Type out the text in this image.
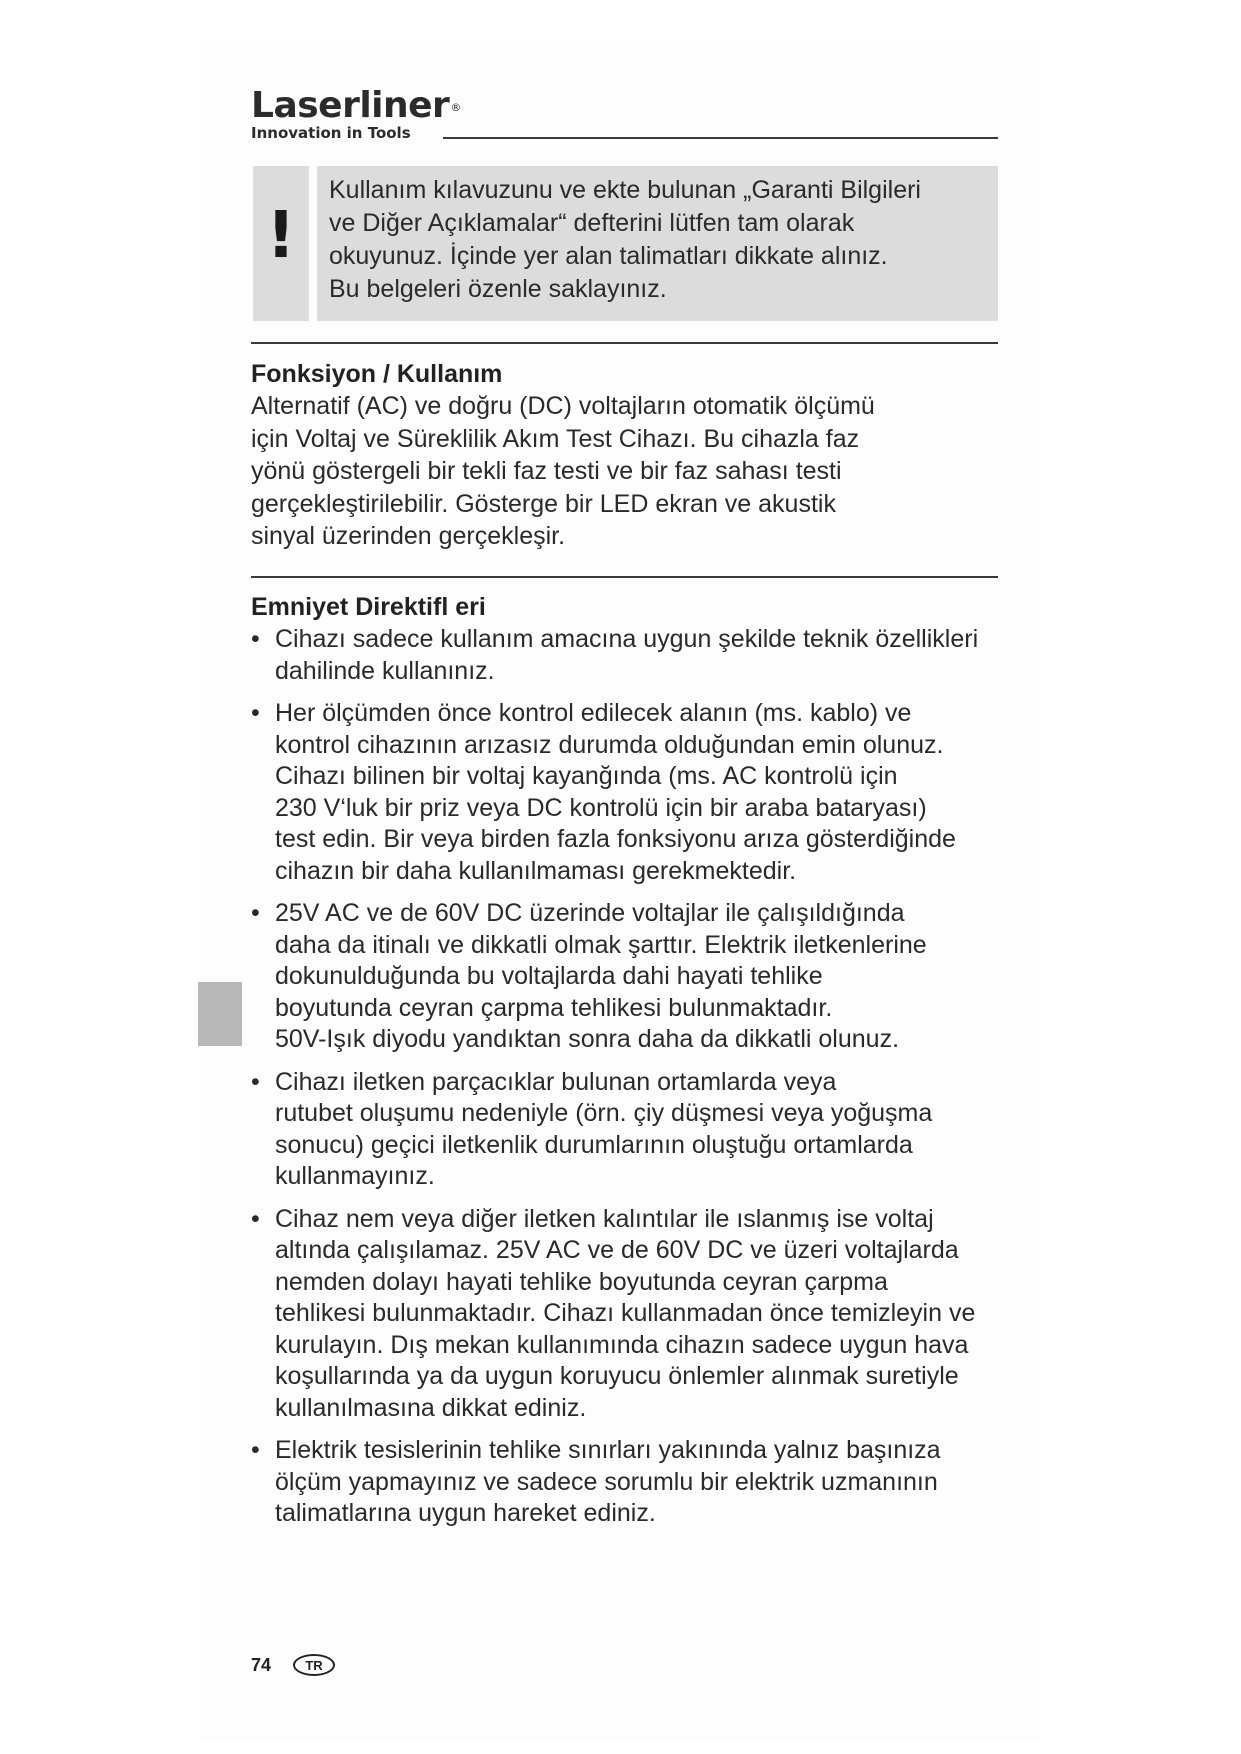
Laserliner®
Innovation in Tools
!
Kullanım kılavuzunu ve ekte bulunan „Garanti Bilgileri
ve Diğer Açıklamalar“ defterini lütfen tam olarak
okuyunuz. İçinde yer alan talimatları dikkate alınız.
Bu belgeleri özenle saklayınız.
Fonksiyon / Kullanım
Alternatif (AC) ve doğru (DC) voltajların otomatik ölçümü
için Voltaj ve Süreklilik Akım Test Cihazı. Bu cihazla faz
yönü göstergeli bir tekli faz testi ve bir faz sahası testi
gerçekleştirilebilir. Gösterge bir LED ekran ve akustik
sinyal üzerinden gerçekleşir.
Emniyet Direktifl eri
• Cihazı sadece kullanım amacına uygun şekilde teknik özellikleri
dahilinde kullanınız.
• Her ölçümden önce kontrol edilecek alanın (ms. kablo) ve
kontrol cihazının arızasız durumda olduğundan emin olunuz.
Cihazı bilinen bir voltaj kayanğında (ms. AC kontrolü için
230 V‘luk bir priz veya DC kontrolü için bir araba bataryası)
test edin. Bir veya birden fazla fonksiyonu arıza gösterdiğinde
cihazın bir daha kullanılmaması gerekmektedir.
• 25V AC ve de 60V DC üzerinde voltajlar ile çalışıldığında
daha da itinalı ve dikkatli olmak şarttır. Elektrik iletkenlerine
dokunulduğunda bu voltajlarda dahi hayati tehlike
boyutunda ceyran çarpma tehlikesi bulunmaktadır.
50V-Işık diyodu yandıktan sonra daha da dikkatli olunuz.
• Cihazı iletken parçacıklar bulunan ortamlarda veya
rutubet oluşumu nedeniyle (örn. çiy düşmesi veya yoğuşma
sonucu) geçici iletkenlik durumlarının oluştuğu ortamlarda
kullanmayınız.
• Cihaz nem veya diğer iletken kalıntılar ile ıslanmış ise voltaj
altında çalışılamaz. 25V AC ve de 60V DC ve üzeri voltajlarda
nemden dolayı hayati tehlike boyutunda ceyran çarpma
tehlikesi bulunmaktadır. Cihazı kullanmadan önce temizleyin ve
kurulayın. Dış mekan kullanımında cihazın sadece uygun hava
koşullarında ya da uygun koruyucu önlemler alınmak suretiyle
kullanılmasına dikkat ediniz.
• Elektrik tesislerinin tehlike sınırları yakınında yalnız başınıza
ölçüm yapmayınız ve sadece sorumlu bir elektrik uzmanının
talimatlarına uygun hareket ediniz.
74	TR
